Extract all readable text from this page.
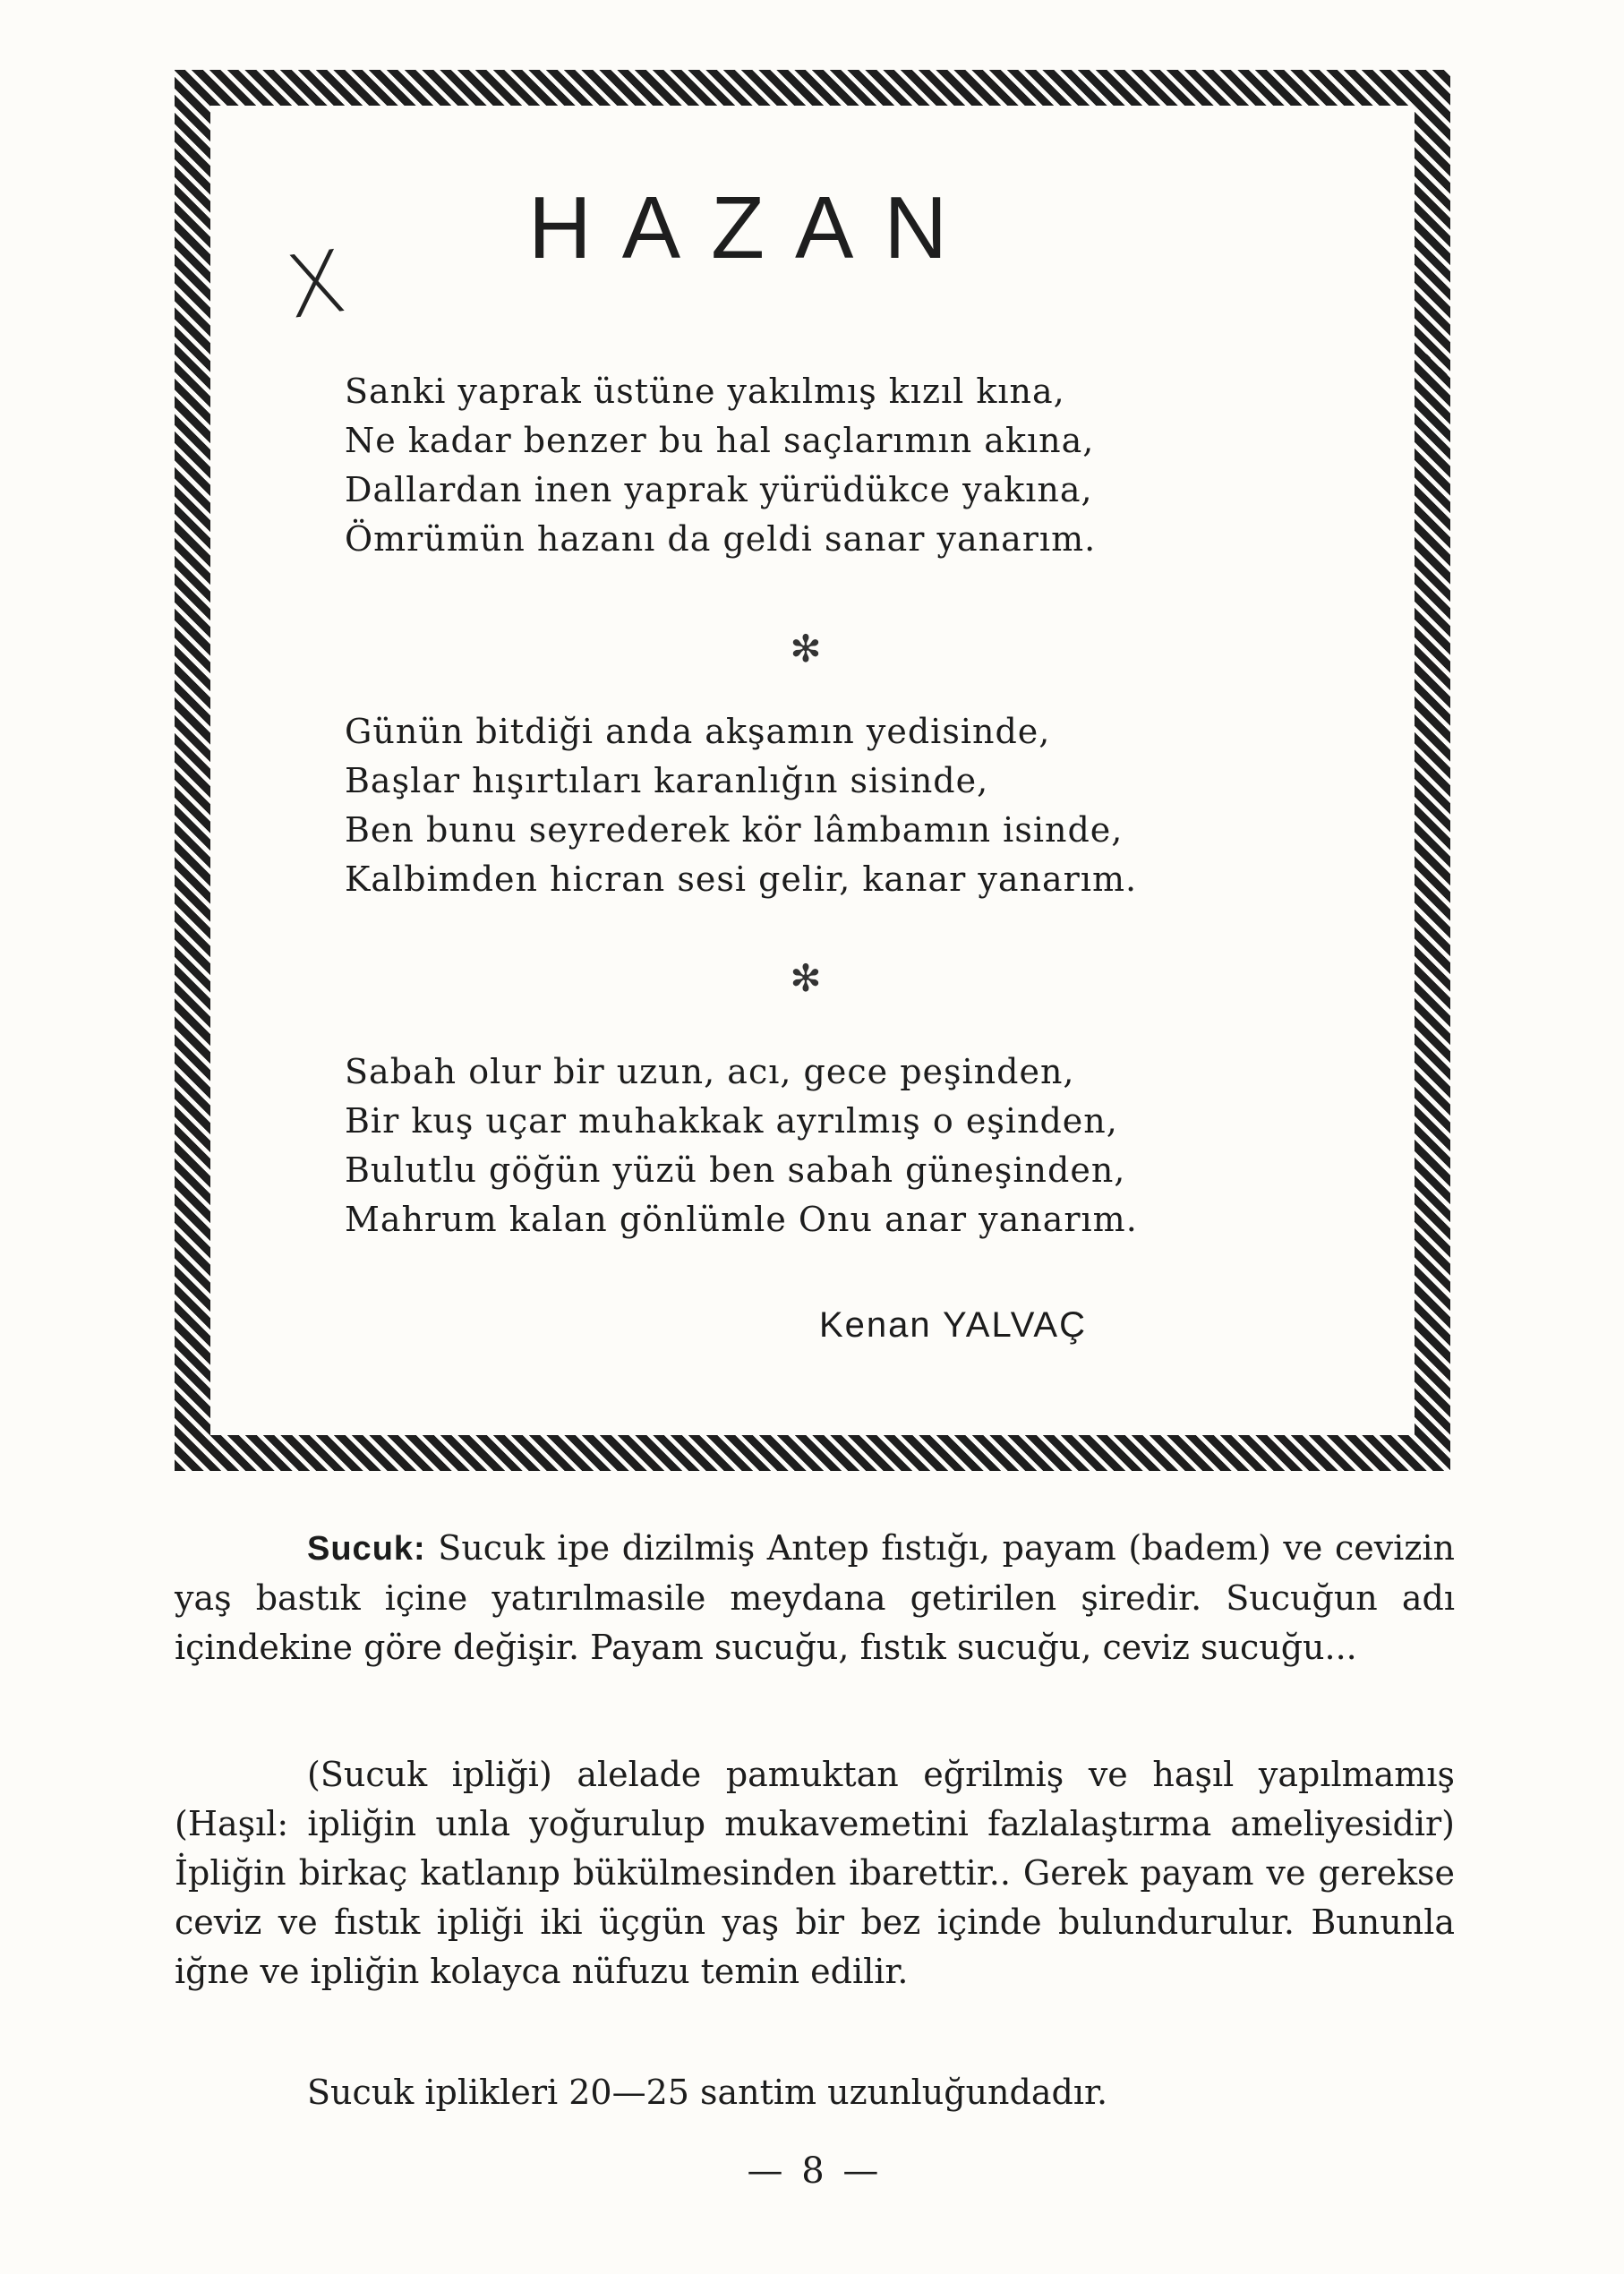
X
HAZAN
Sanki yaprak üstüne yakılmış kızıl kına,
Ne kadar benzer bu hal saçlarımın akına,
Dallardan inen yaprak yürüdükce yakına,
Ömrümün hazanı da geldi sanar yanarım.
✻
Günün bitdiği anda akşamın yedisinde,
Başlar hışırtıları karanlığın sisinde,
Ben bunu seyrederek kör lâmbamın isinde,
Kalbimden hicran sesi gelir, kanar yanarım.
✻
Sabah olur bir uzun, acı, gece peşinden,
Bir kuş uçar muhakkak ayrılmış o eşinden,
Bulutlu göğün yüzü ben sabah güneşinden,
Mahrum kalan gönlümle Onu anar yanarım.
Kenan YALVAÇ

Sucuk: Sucuk ipe dizilmiş Antep fıstığı, payam (badem) ve cevizin yaş bastık içine yatırılmasile meydana getirilen şiredir. Sucuğun adı içindekine göre değişir. Payam sucuğu, fıstık sucuğu, ceviz sucuğu...

(Sucuk ipliği) alelade pamuktan eğrilmiş ve haşıl yapılmamış (Haşıl: ipliğin unla yoğurulup mukavemetini fazlalaştırma ameliyesidir) İpliğin birkaç katlanıp bükülmesinden ibarettir.. Gerek payam ve gerekse ceviz ve fıstık ipliği iki üçgün yaş bir bez içinde bulundurulur. Bununla iğne ve ipliğin kolayca nüfuzu temin edilir.

Sucuk iplikleri 20—25 santim uzunluğundadır.

— 8 —
